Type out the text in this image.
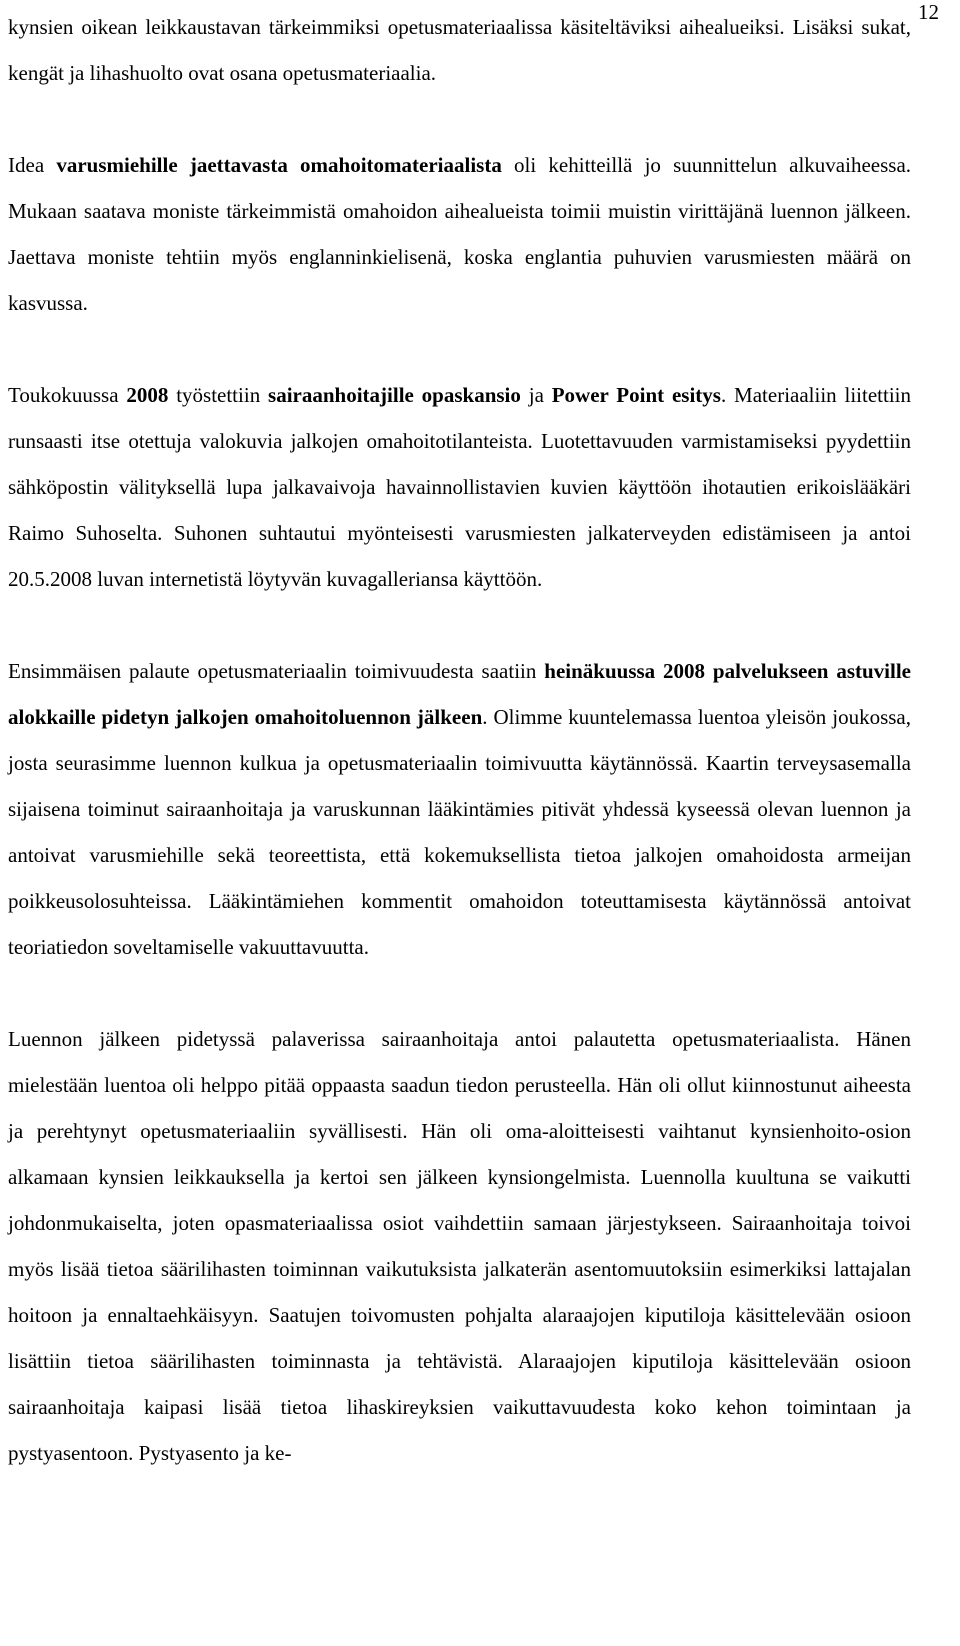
12

kynsien oikean leikkaustavan tärkeimmiksi opetusmateriaalissa käsiteltäviksi aihealueiksi. Lisäksi sukat, kengät ja lihashuolto ovat osana opetusmateriaalia.

Idea varusmiehille jaettavasta omahoitomateriaalista oli kehitteillä jo suunnittelun alkuvaiheessa. Mukaan saatava moniste tärkeimmistä omahoidon aihealueista toimii muistin virittäjänä luennon jälkeen. Jaettava moniste tehtiin myös englanninkielisenä, koska englantia puhuvien varusmiesten määrä on kasvussa.

Toukokuussa 2008 työstettiin sairaanhoitajille opaskansio ja Power Point esitys. Materiaaliin liitettiin runsaasti itse otettuja valokuvia jalkojen omahoitotilanteista. Luotettavuuden varmistamiseksi pyydettiin sähköpostin välityksellä lupa jalkavaivoja havainnollistavien kuvien käyttöön ihotautien erikoislääkäri Raimo Suhoselta. Suhonen suhtautui myönteisesti varusmiesten jalkaterveyden edistämiseen ja antoi 20.5.2008 luvan internetistä löytyvän kuvagalleriansa käyttöön.

Ensimmäisen palaute opetusmateriaalin toimivuudesta saatiin heinäkuussa 2008 palvelukseen astuville alokkaille pidetyn jalkojen omahoitoluennon jälkeen. Olimme kuuntelemassa luentoa yleisön joukossa, josta seurasimme luennon kulkua ja opetusmateriaalin toimivuutta käytännössä. Kaartin terveysasemalla sijaisena toiminut sairaanhoitaja ja varuskunnan lääkintämies pitivät yhdessä kyseessä olevan luennon ja antoivat varusmiehille sekä teoreettista, että kokemuksellista tietoa jalkojen omahoidosta armeijan poikkeusolosuhteissa. Lääkintämiehen kommentit omahoidon toteuttamisesta käytännössä antoivat teoriatiedon soveltamiselle vakuuttavuutta.

Luennon jälkeen pidetyssä palaverissa sairaanhoitaja antoi palautetta opetusmateriaalista. Hänen mielestään luentoa oli helppo pitää oppaasta saadun tiedon perusteella. Hän oli ollut kiinnostunut aiheesta ja perehtynyt opetusmateriaaliin syvällisesti. Hän oli oma-aloitteisesti vaihtanut kynsienhoito-osion alkamaan kynsien leikkauksella ja kertoi sen jälkeen kynsiongelmista. Luennolla kuultuna se vaikutti johdonmukaiselta, joten opasmateriaalissa osiot vaihdettiin samaan järjestykseen. Sairaanhoitaja toivoi myös lisää tietoa säärilihasten toiminnan vaikutuksista jalkaterän asentomuutoksiin esimerkiksi lattajalan hoitoon ja ennaltaehkäisyyn. Saatujen toivomusten pohjalta alaraajojen kiputiloja käsittelevään osioon lisättiin tietoa säärilihasten toiminnasta ja tehtävistä. Alaraajojen kiputiloja käsittelevään osioon sairaanhoitaja kaipasi lisää tietoa lihaskireyksien vaikuttavuudesta koko kehon toimintaan ja pystyasentoon. Pystyasento ja ke-
